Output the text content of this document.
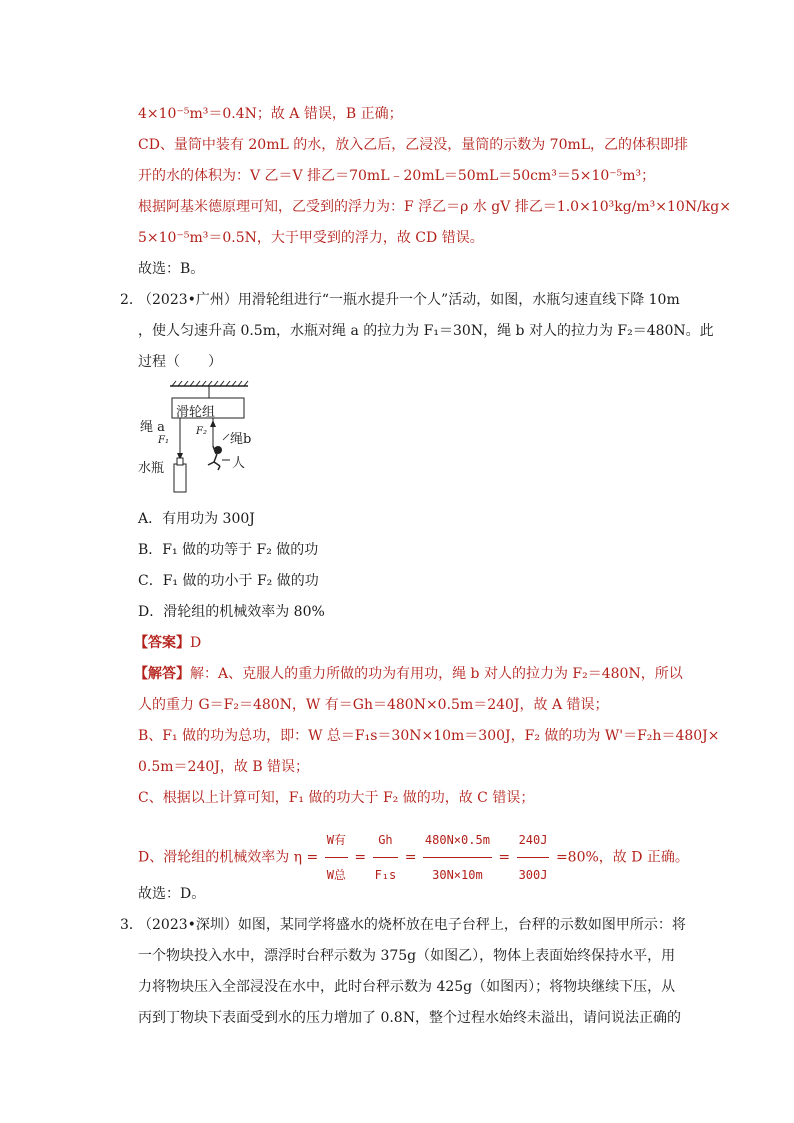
4×10⁻⁵m³＝0.4N；故 A 错误，B 正确；
CD、量筒中装有 20mL 的水，放入乙后，乙浸没，量筒的示数为 70mL，乙的体积即排
开的水的体积为：V 乙＝V 排乙＝70mL﹣20mL＝50mL＝50cm³＝5×10⁻⁵m³；
根据阿基米德原理可知，乙受到的浮力为：F 浮乙＝ρ 水 gV 排乙＝1.0×10³kg/m³×10N/kg×
5×10⁻⁵m³＝0.5N，大于甲受到的浮力，故 CD 错误。
故选：B。
2．
（2023•广州）用滑轮组进行“一瓶水提升一个人”活动，如图，水瓶匀速直线下降 10m
，使人匀速升高 0.5m，水瓶对绳 a 的拉力为 F₁＝30N，绳 b 对人的拉力为 F₂＝480N。此
过程（　　）
滑轮组
绳 a
F₁
F₂
绳b
水瓶	人
A．有用功为 300J
B．F₁ 做的功等于 F₂ 做的功
C．F₁ 做的功小于 F₂ 做的功
D．滑轮组的机械效率为 80%
【答案】D
【解答】解：A、克服人的重力所做的功为有用功，绳 b 对人的拉力为 F₂＝480N，所以
人的重力 G＝F₂＝480N，W 有＝Gh＝480N×0.5m＝240J，故 A 错误；
B、F₁ 做的功为总功，即：W 总＝F₁s＝30N×10m＝300J，F₂ 做的功为 W'＝F₂h＝480J×
0.5m＝240J，故 B 错误；
C、根据以上计算可知，F₁ 做的功大于 F₂ 做的功，故 C 错误；
D、滑轮组的机械效率为 $\eta = \frac{\text{W有}}{\text{W总}} = \frac{Gh}{\text{F₁s}} = \frac{480N\times 0.5m}{30N\times 10m} = \frac{240J}{300J} =80\%$，故 D 正确。
故选：D。
3．
（2023•深圳）如图，某同学将盛水的烧杯放在电子台秤上，台秤的示数如图甲所示：将
一个物块投入水中，漂浮时台秤示数为 375g（如图乙），物体上表面始终保持水平，用
力将物块压入全部浸没在水中，此时台秤示数为 425g（如图丙）；将物块继续下压，从
丙到丁物块下表面受到水的压力增加了 0.8N，整个过程水始终未溢出，请问说法正确的
